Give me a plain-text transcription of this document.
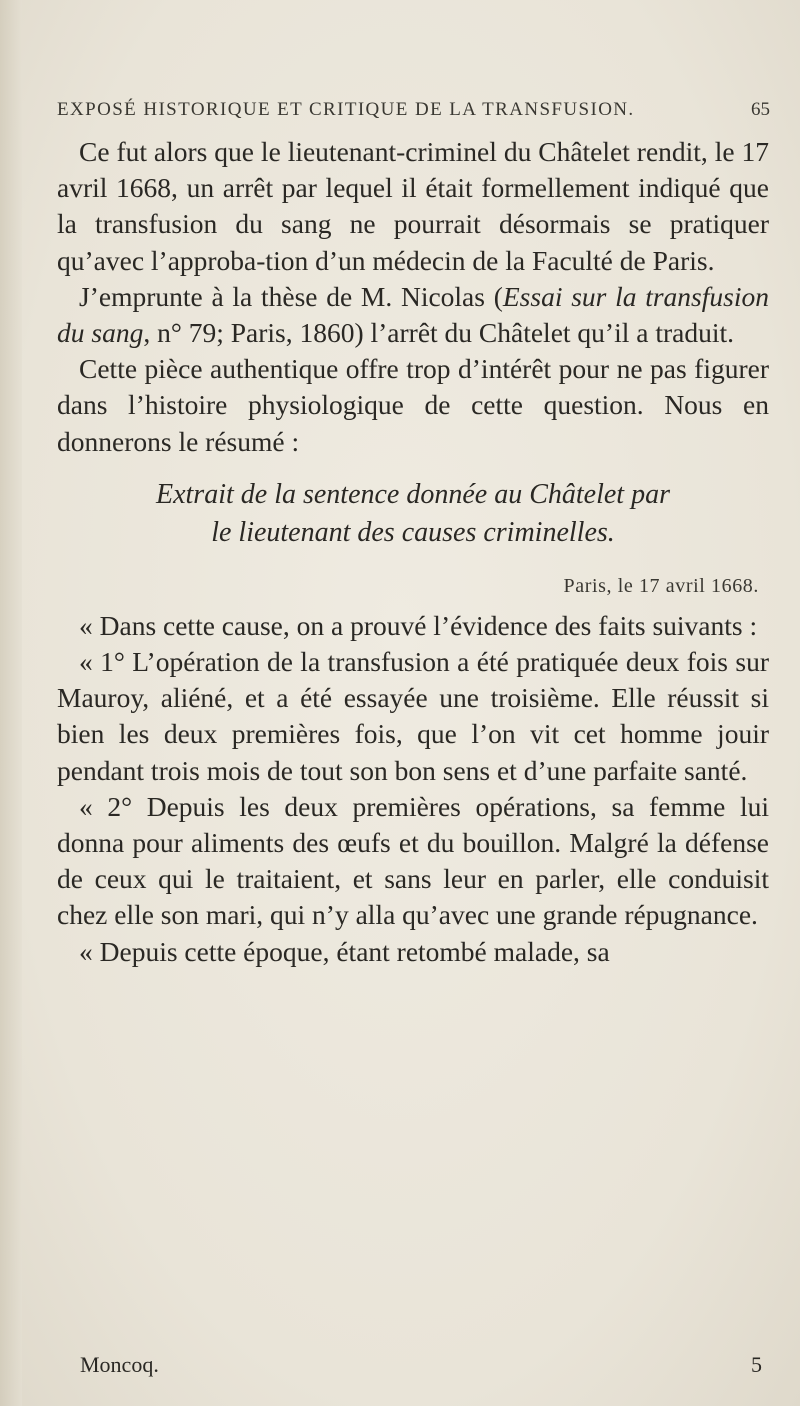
EXPOSÉ HISTORIQUE ET CRITIQUE DE LA TRANSFUSION.	65

Ce fut alors que le lieutenant-criminel du Châtelet rendit, le 17 avril 1668, un arrêt par lequel il était formellement indiqué que la transfusion du sang ne pourrait désormais se pratiquer qu’avec l’approba-tion d’un médecin de la Faculté de Paris.

J’emprunte à la thèse de M. Nicolas (Essai sur la transfusion du sang, n° 79; Paris, 1860) l’arrêt du Châtelet qu’il a traduit.

Cette pièce authentique offre trop d’intérêt pour ne pas figurer dans l’histoire physiologique de cette question. Nous en donnerons le résumé :

Extrait de la sentence donnée au Châtelet par
le lieutenant des causes criminelles.

Paris, le 17 avril 1668.

« Dans cette cause, on a prouvé l’évidence des faits suivants :

« 1° L’opération de la transfusion a été pratiquée deux fois sur Mauroy, aliéné, et a été essayée une troisième. Elle réussit si bien les deux premières fois, que l’on vit cet homme jouir pendant trois mois de tout son bon sens et d’une parfaite santé.

« 2° Depuis les deux premières opérations, sa femme lui donna pour aliments des œufs et du bouillon. Malgré la défense de ceux qui le traitaient, et sans leur en parler, elle conduisit chez elle son mari, qui n’y alla qu’avec une grande répugnance.

« Depuis cette époque, étant retombé malade, sa

Moncoq.	5
